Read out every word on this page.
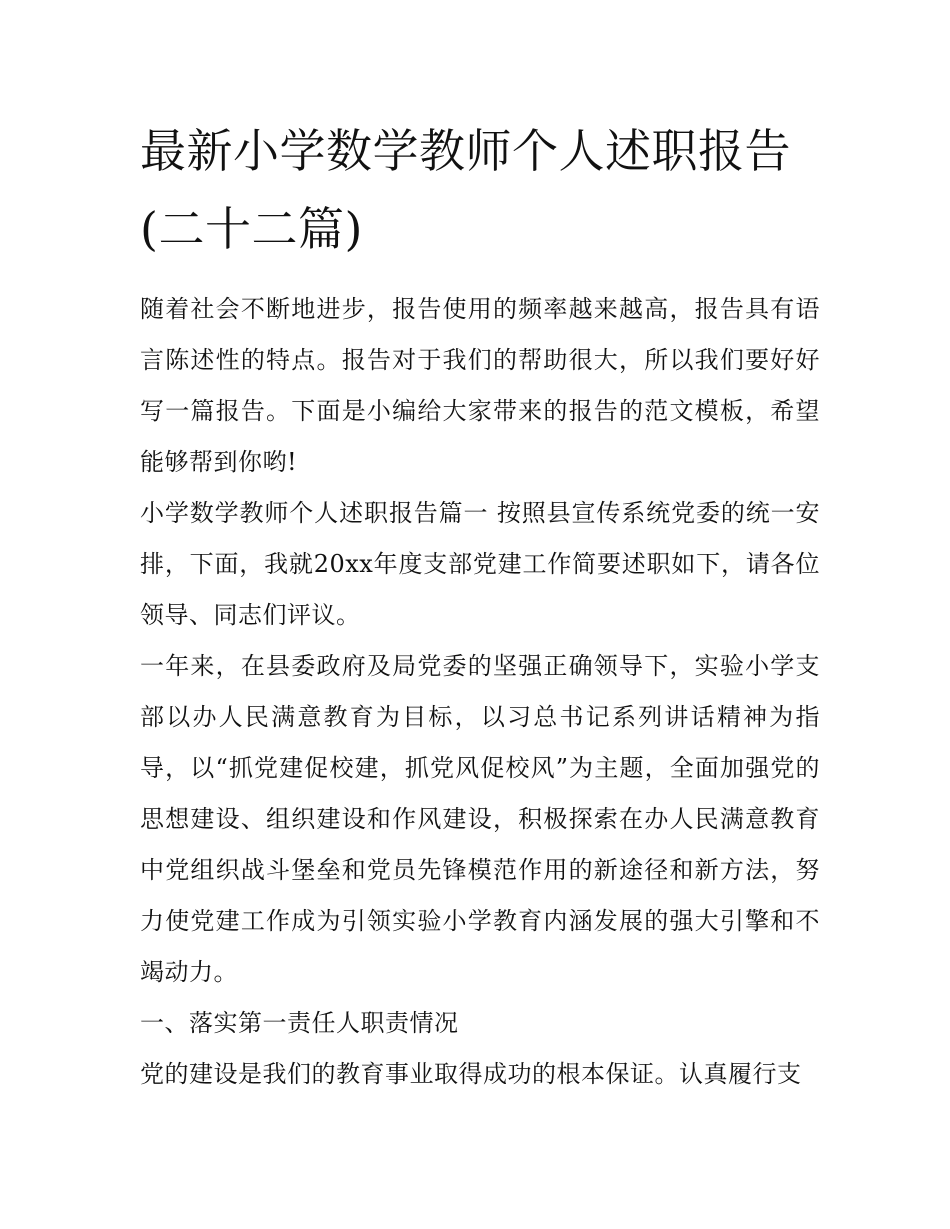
最新小学数学教师个人述职报告(二十二篇)

随着社会不断地进步，报告使用的频率越来越高，报告具有语言陈述性的特点。报告对于我们的帮助很大，所以我们要好好写一篇报告。下面是小编给大家带来的报告的范文模板，希望能够帮到你哟!

小学数学教师个人述职报告篇一 按照县宣传系统党委的统一安排，下面，我就20xx年度支部党建工作简要述职如下，请各位领导、同志们评议。

一年来，在县委政府及局党委的坚强正确领导下，实验小学支部以办人民满意教育为目标，以习总书记系列讲话精神为指导，以“抓党建促校建，抓党风促校风”为主题，全面加强党的思想建设、组织建设和作风建设，积极探索在办人民满意教育中党组织战斗堡垒和党员先锋模范作用的新途径和新方法，努力使党建工作成为引领实验小学教育内涵发展的强大引擎和不竭动力。

一、落实第一责任人职责情况

党的建设是我们的教育事业取得成功的根本保证。认真履行支
